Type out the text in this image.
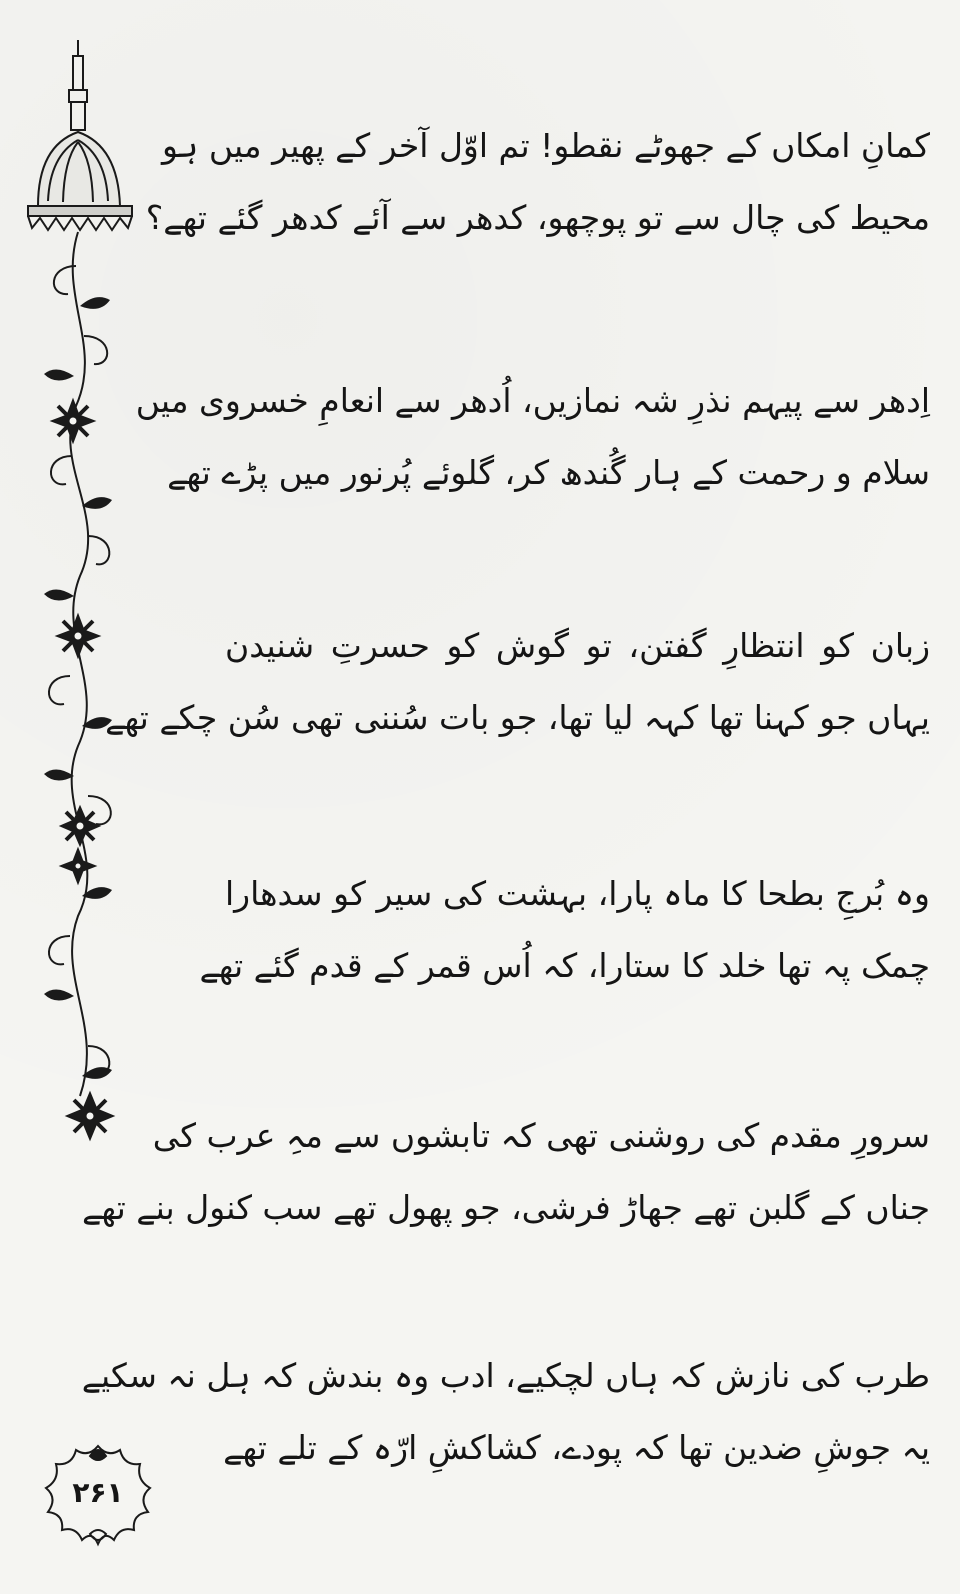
کمانِ امکاں کے جھوٹے نقطو! تم اوّل آخر کے پھیر میں ہو
محیط کی چال سے تو پوچھو، کدھر سے آئے کدھر گئے تھے؟
اِدھر سے پیہم نذرِ شہ نمازیں، اُدھر سے انعامِ خسروی میں
سلام و رحمت کے ہار گُندھ کر، گلوئے پُرنور میں پڑے تھے
زبان کو انتظارِ گفتن، تو گوش کو حسرتِ شنیدن
یہاں جو کہنا تھا کہہ لیا تھا، جو بات سُننی تھی سُن چکے تھے
وہ بُرجِ بطحا کا ماہ پارا، بہشت کی سیر کو سدھارا
چمک پہ تھا خلد کا ستارا، کہ اُس قمر کے قدم گئے تھے
سرورِ مقدم کی روشنی تھی کہ تابشوں سے مہِ عرب کی
جناں کے گلبن تھے جھاڑ فرشی، جو پھول تھے سب کنول بنے تھے
طرب کی نازش کہ ہاں لچکیے، ادب وہ بندش کہ ہل نہ سکیے
یہ جوشِ ضدین تھا کہ پودے، کشاکشِ ارّہ کے تلے تھے
۲۶۱
